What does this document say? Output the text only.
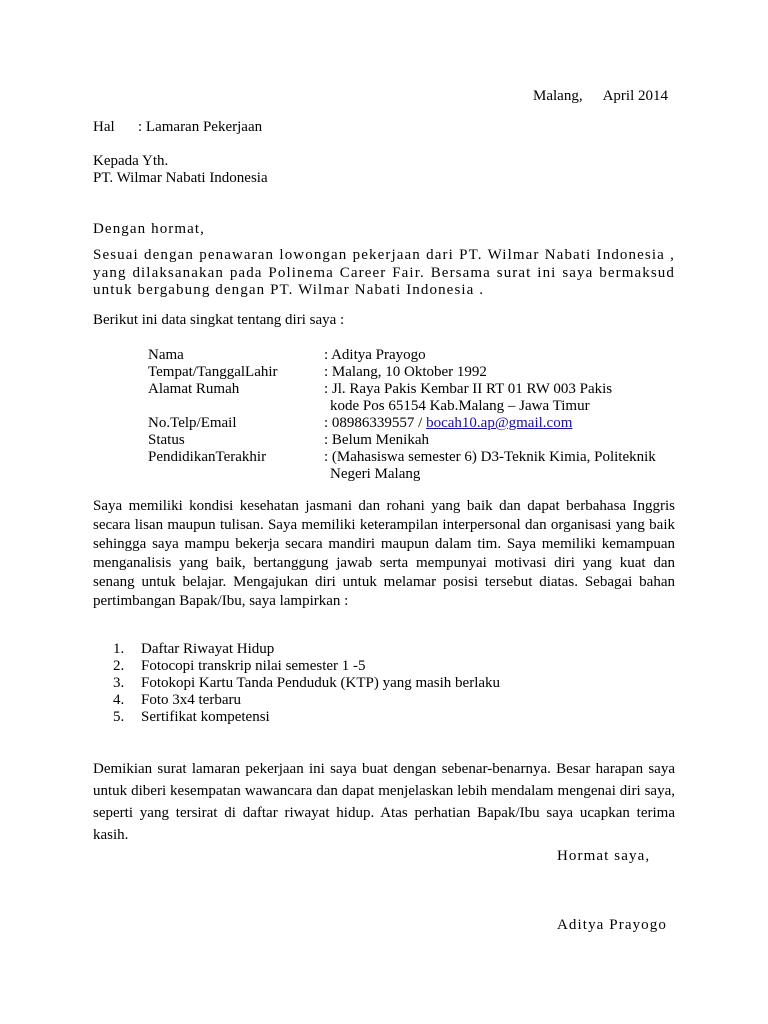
Malang, April 2014
Hal : Lamaran Pekerjaan
Kepada Yth.
PT. Wilmar Nabati Indonesia
Dengan hormat,
Sesuai dengan penawaran lowongan pekerjaan dari PT. Wilmar Nabati Indonesia , yang dilaksanakan pada Polinema Career Fair. Bersama surat ini saya bermaksud untuk bergabung dengan PT. Wilmar Nabati Indonesia .
Berikut ini data singkat tentang diri saya :
Nama	: Aditya Prayogo
Tempat/TanggalLahir	: Malang, 10 Oktober 1992
Alamat Rumah	: Jl. Raya Pakis Kembar II RT 01 RW 003 Pakis
kode Pos 65154 Kab.Malang – Jawa Timur

No.Telp/Email	: 08986339557 / bocah10.ap@gmail.com
Status	: Belum Menikah
PendidikanTerakhir	: (Mahasiswa semester 6) D3-Teknik Kimia, Politeknik
Negeri Malang
Saya memiliki kondisi kesehatan jasmani dan rohani yang baik dan dapat berbahasa Inggris secara lisan maupun tulisan. Saya memiliki keterampilan interpersonal dan organisasi yang baik sehingga saya mampu bekerja secara mandiri maupun dalam tim. Saya memiliki kemampuan menganalisis yang baik, bertanggung jawab serta mempunyai motivasi diri yang kuat dan senang untuk belajar. Mengajukan diri untuk melamar posisi tersebut diatas. Sebagai bahan pertimbangan Bapak/Ibu, saya lampirkan :
1. Daftar Riwayat Hidup
2. Fotocopi transkrip nilai semester 1 -5
3. Fotokopi Kartu Tanda Penduduk (KTP) yang masih berlaku
4. Foto 3x4 terbaru
5. Sertifikat kompetensi
Demikian surat lamaran pekerjaan ini saya buat dengan sebenar-benarnya. Besar harapan saya untuk diberi kesempatan wawancara dan dapat menjelaskan lebih mendalam mengenai diri saya, seperti yang tersirat di daftar riwayat hidup. Atas perhatian Bapak/Ibu saya ucapkan terima kasih.
Hormat saya,
Aditya Prayogo
